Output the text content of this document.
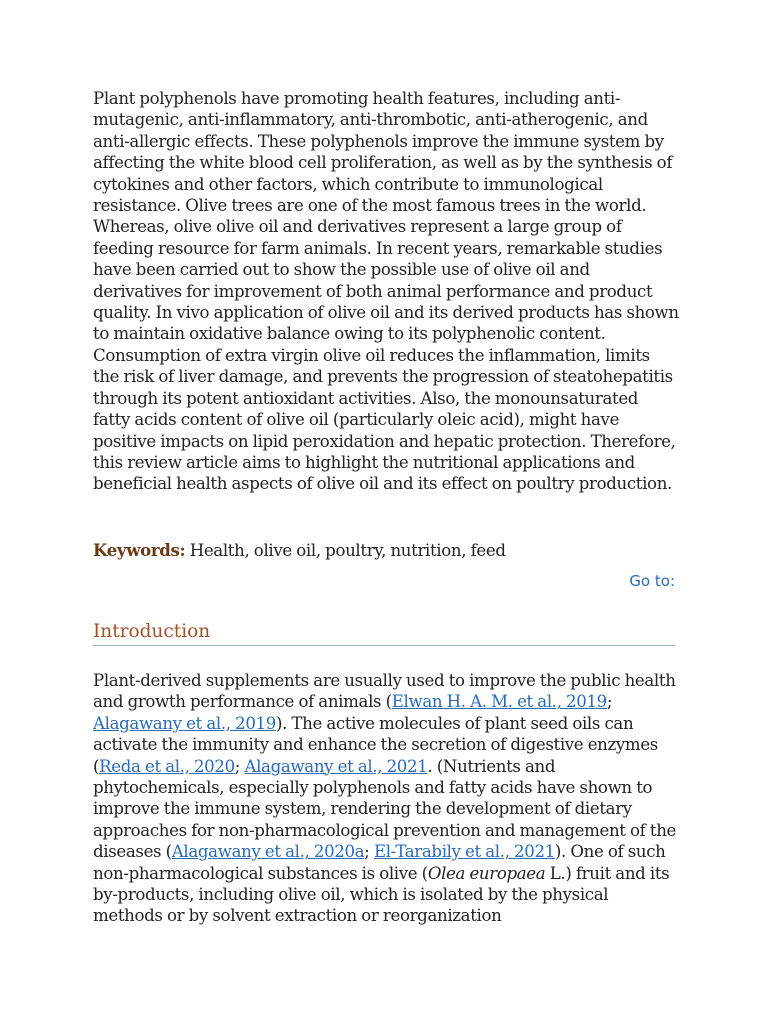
Plant polyphenols have promoting health features, including anti-mutagenic, anti-inflammatory, anti-thrombotic, anti-atherogenic, and anti-allergic effects. These polyphenols improve the immune system by affecting the white blood cell proliferation, as well as by the synthesis of cytokines and other factors, which contribute to immunological resistance. Olive trees are one of the most famous trees in the world. Whereas, olive olive oil and derivatives represent a large group of feeding resource for farm animals. In recent years, remarkable studies have been carried out to show the possible use of olive oil and derivatives for improvement of both animal performance and product quality. In vivo application of olive oil and its derived products has shown to maintain oxidative balance owing to its polyphenolic content. Consumption of extra virgin olive oil reduces the inflammation, limits the risk of liver damage, and prevents the progression of steatohepatitis through its potent antioxidant activities. Also, the monounsaturated fatty acids content of olive oil (particularly oleic acid), might have positive impacts on lipid peroxidation and hepatic protection. Therefore, this review article aims to highlight the nutritional applications and beneficial health aspects of olive oil and its effect on poultry production.

Keywords: Health, olive oil, poultry, nutrition, feed

Go to:
Introduction

Plant-derived supplements are usually used to improve the public health and growth performance of animals (Elwan H. A. M. et al., 2019; Alagawany et al., 2019). The active molecules of plant seed oils can activate the immunity and enhance the secretion of digestive enzymes (Reda et al., 2020; Alagawany et al., 2021. (Nutrients and phytochemicals, especially polyphenols and fatty acids have shown to improve the immune system, rendering the development of dietary approaches for non-pharmacological prevention and management of the diseases (Alagawany et al., 2020a; El-Tarabily et al., 2021). One of such non-pharmacological substances is olive (Olea europaea L.) fruit and its by-products, including olive oil, which is isolated by the physical methods or by solvent extraction or reorganization
